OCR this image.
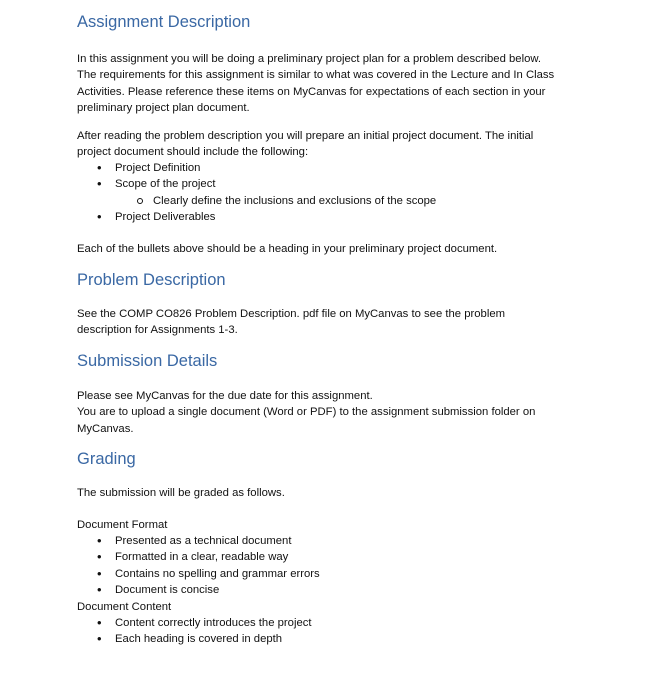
Assignment Description
In this assignment you will be doing a preliminary project plan for a problem described below.
The requirements for this assignment is similar to what was covered in the Lecture and In Class
Activities. Please reference these items on MyCanvas for expectations of each section in your
preliminary project plan document.
After reading the problem description you will prepare an initial project document. The initial
project document should include the following:
• Project Definition
• Scope of the project
Clearly define the inclusions and exclusions of the scope
• Project Deliverables

Each of the bullets above should be a heading in your preliminary project document.

Problem Description
See the COMP CO826 Problem Description. pdf file on MyCanvas to see the problem
description for Assignments 1-3.
Submission Details
Please see MyCanvas for the due date for this assignment.
You are to upload a single document (Word or PDF) to the assignment submission folder on
MyCanvas.
Grading

The submission will be graded as follows.

Document Format

• Presented as a technical document
• Formatted in a clear, readable way
• Contains no spelling and grammar errors
• Document is concise

Document Content

• Content correctly introduces the project
• Each heading is covered in depth
